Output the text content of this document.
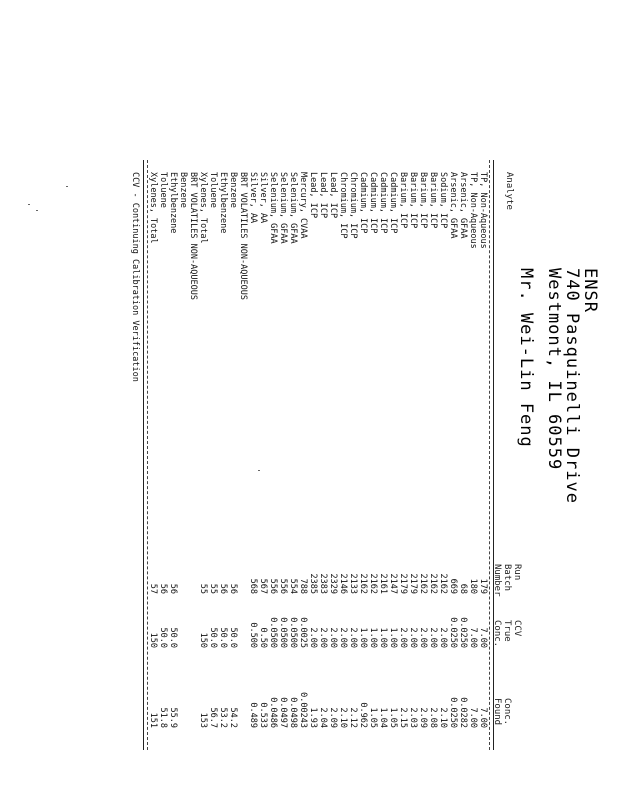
ENSR
740 Pasquinelli Drive
Westmont, IL 60559
Mr. Wei-Lin Feng
Analyte
Run
Batch
Number
CCV
True
Conc.
Conc.
Found
TP, Non-Aqueous
179
7.00
7.00
TP, Non-Aqueous
180
7.00
7.00
Arsenic, GFAA
68
0.0250
0.0282
Arsenic, GFAA
669
0.0250
0.0250
Sodium, ICP
2162
2.00
2.10
Barium, ICP
2162
2.00
2.08
Barium, ICP
2162
2.00
2.09
Barium, ICP
2179
2.00
2.03
Barium, ICP
2179
2.00
2.15
Cadmium, ICP
2147
1.00
1.05
Cadmium, ICP
2161
1.00
1.04
Cadmium, ICP
2162
1.00
1.05
Cadmium, ICP
2162
1.00
0.962
Chromium, ICP
2133
2.00
2.12
Chromium, ICP
2146
2.00
2.10
Lead, ICP
2329
2.00
2.09
Lead, ICP
2383
2.00
2.04
Lead, ICP
2385
2.00
1.93
Mercury, CVAA
788
0.0025
0.00243
Selenium, GFAA
554
0.0500
0.0498
Selenium, GFAA
556
0.0500
0.0497
Selenium, GFAA
556
0.0500
0.0486
Silver, AA
567
0.50
0.533
Silver, AA
568
0.500
0.489
BRT VOLATILES NON-AQUEOUS
Benzene
56
50.0
54.2
Ethylbenzene
56
50.0
53.2
Toluene
55
50.0
56.7
Xylenes, Total
55
150
153
BRT VOLATILES NON-AQUEOUS
Benzene
Ethylbenzene
56
50.0
55.9
Toluene
56
50.0
51.8
Xylenes, Total
57
150
151
CCV - Continuing Calibration Verification
